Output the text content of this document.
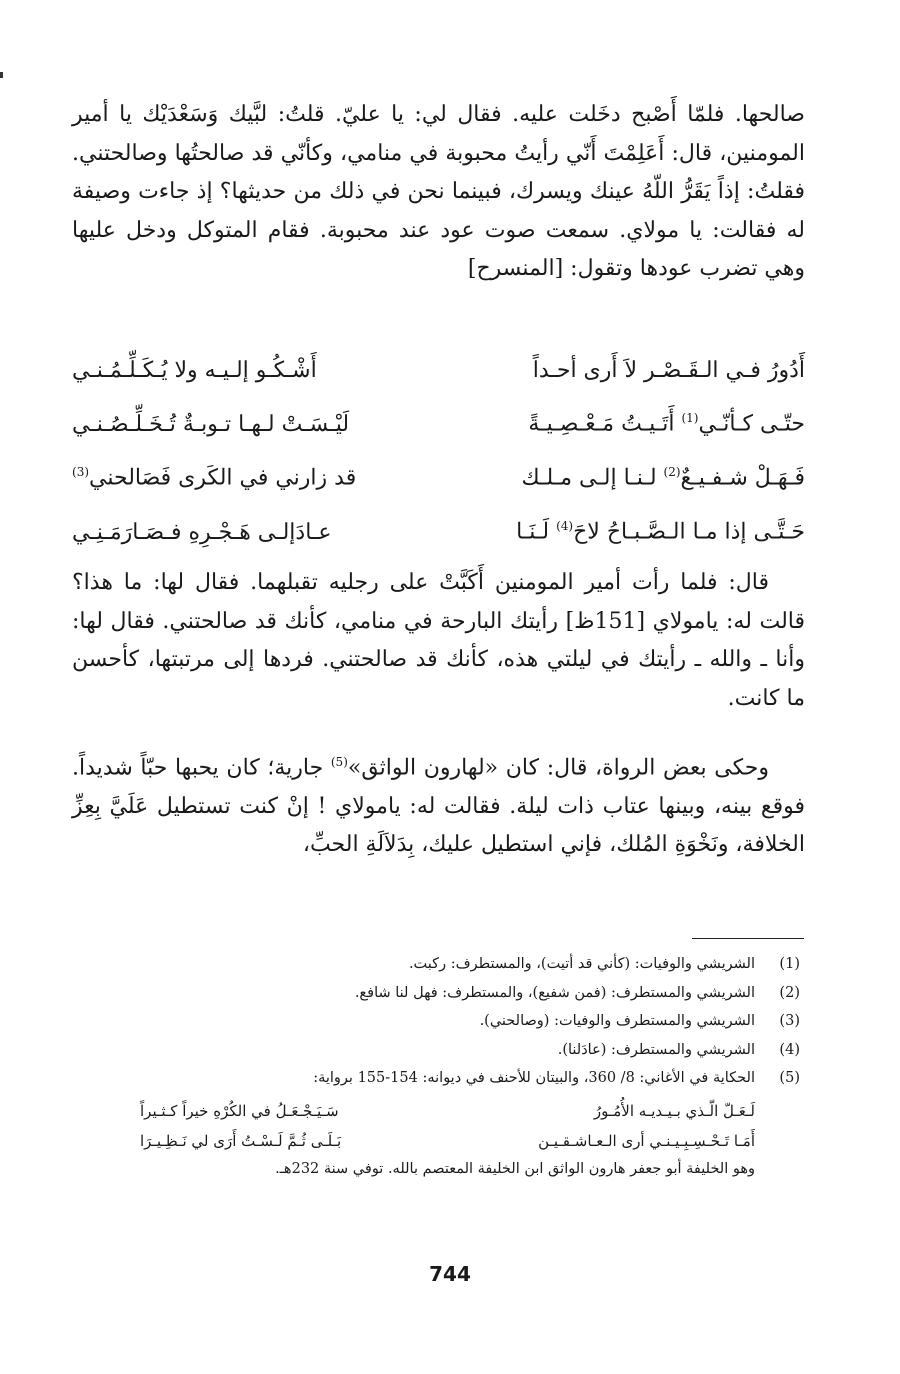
صالحها. فلمّا أَصْبح دخَلت عليه. فقال لي: يا عليّ. قلتُ: لبَّيك وَسَعْدَيْك يا أمير المومنين، قال: أَعَلِمْتَ أَنّي رأيتُ محبوبة في منامي، وكأنّي قد صالحتُها وصالحتني. فقلتُ: إذاً يَقَرُّ اللّهُ عينك ويسرك، فبينما نحن في ذلك من حديثها؟ إذ جاءت وصيفة له فقالت: يا مولاي. سمعت صوت عود عند محبوبة. فقام المتوكل ودخل عليها وهي تضرب عودها وتقول: [المنسرح]
أَدُورُ فـي الـقَـصْـر لاَ أَرى أحـداً
أَشْـكُـو إلـيـه ولا يُـكَـلِّـمُـنـي
حتّـى كـأنّـي$^{(1)}$ أَتَـيـتُ مَـعْـصِـيـةً
لَيْـسَـتْ لـهـا تـوبـةٌ تُـخَـلِّـصُـنـي
فَـهَـلْ شـفـيـعٌ$^{(2)}$ لـنـا إلـى مـلـك
قد زارني في الكَرى فَصَالحني$^{(3)}$
حَـتَّـى إذا مـا الـصَّـبـاحُ لاحَ$^{(4)}$ لَـنَـا
عـادَإلـى هَـجْـرِهِ فـصَـارَمَـنِـي
قال: فلما رأت أمير المومنين أَكَبَّتْ على رجليه تقبلهما. فقال لها: ما هذا؟ قالت له: يامولاي [151ظ] رأيتك البارحة في منامي، كأنك قد صالحتني. فقال لها: وأنا ـ والله ـ رأيتك في ليلتي هذه، كأنك قد صالحتني. فردها إلى مرتبتها، كأحسن ما كانت.
وحكى بعض الرواة، قال: كان «لهارون الواثق»$^{(5)}$ جارية؛ كان يحبها حبّاً شديداً. فوقع بينه، وبينها عتاب ذات ليلة. فقالت له: يامولاي ! إنْ كنت تستطيل عَلَيَّ بِعِزِّ الخلافة، ونَخْوَةِ المُلك، فإني استطيل عليك، بِدَلاَلَةِ الحبِّ،
(1)
الشريشي والوفيات: (كأني قد أتيت)، والمستطرف: ركبت.
(2)
الشريشي والمستطرف: (فمن شفيع)، والمستطرف: فهل لنا شافع.
(3)
الشريشي والمستطرف والوفيات: (وصالحني).
(4)
الشريشي والمستطرف: (عادَلنا).
(5)
الحكاية في الأغاني: 8/ 360، والبيتان للأحنف في ديوانه: 154-155 برواية:
لَـعَـلّ الّـذي بـيـديـه الأُمُـورُ
سَـيَـجْـعَـلُ في الكُرْهِ خيراً كـثـيراً
أَمَـا تَـحْـسِـبِـيـنـي أرى الـعـاشـقـيـن
بَـلَـى ثُـمَّ لَـسْـتُ أَرَى لي نَـظِـيـرَا
وهو الخليفة أبو جعفر هارون الواثق ابن الخليفة المعتصم بالله. توفي سنة 232هـ.
744
